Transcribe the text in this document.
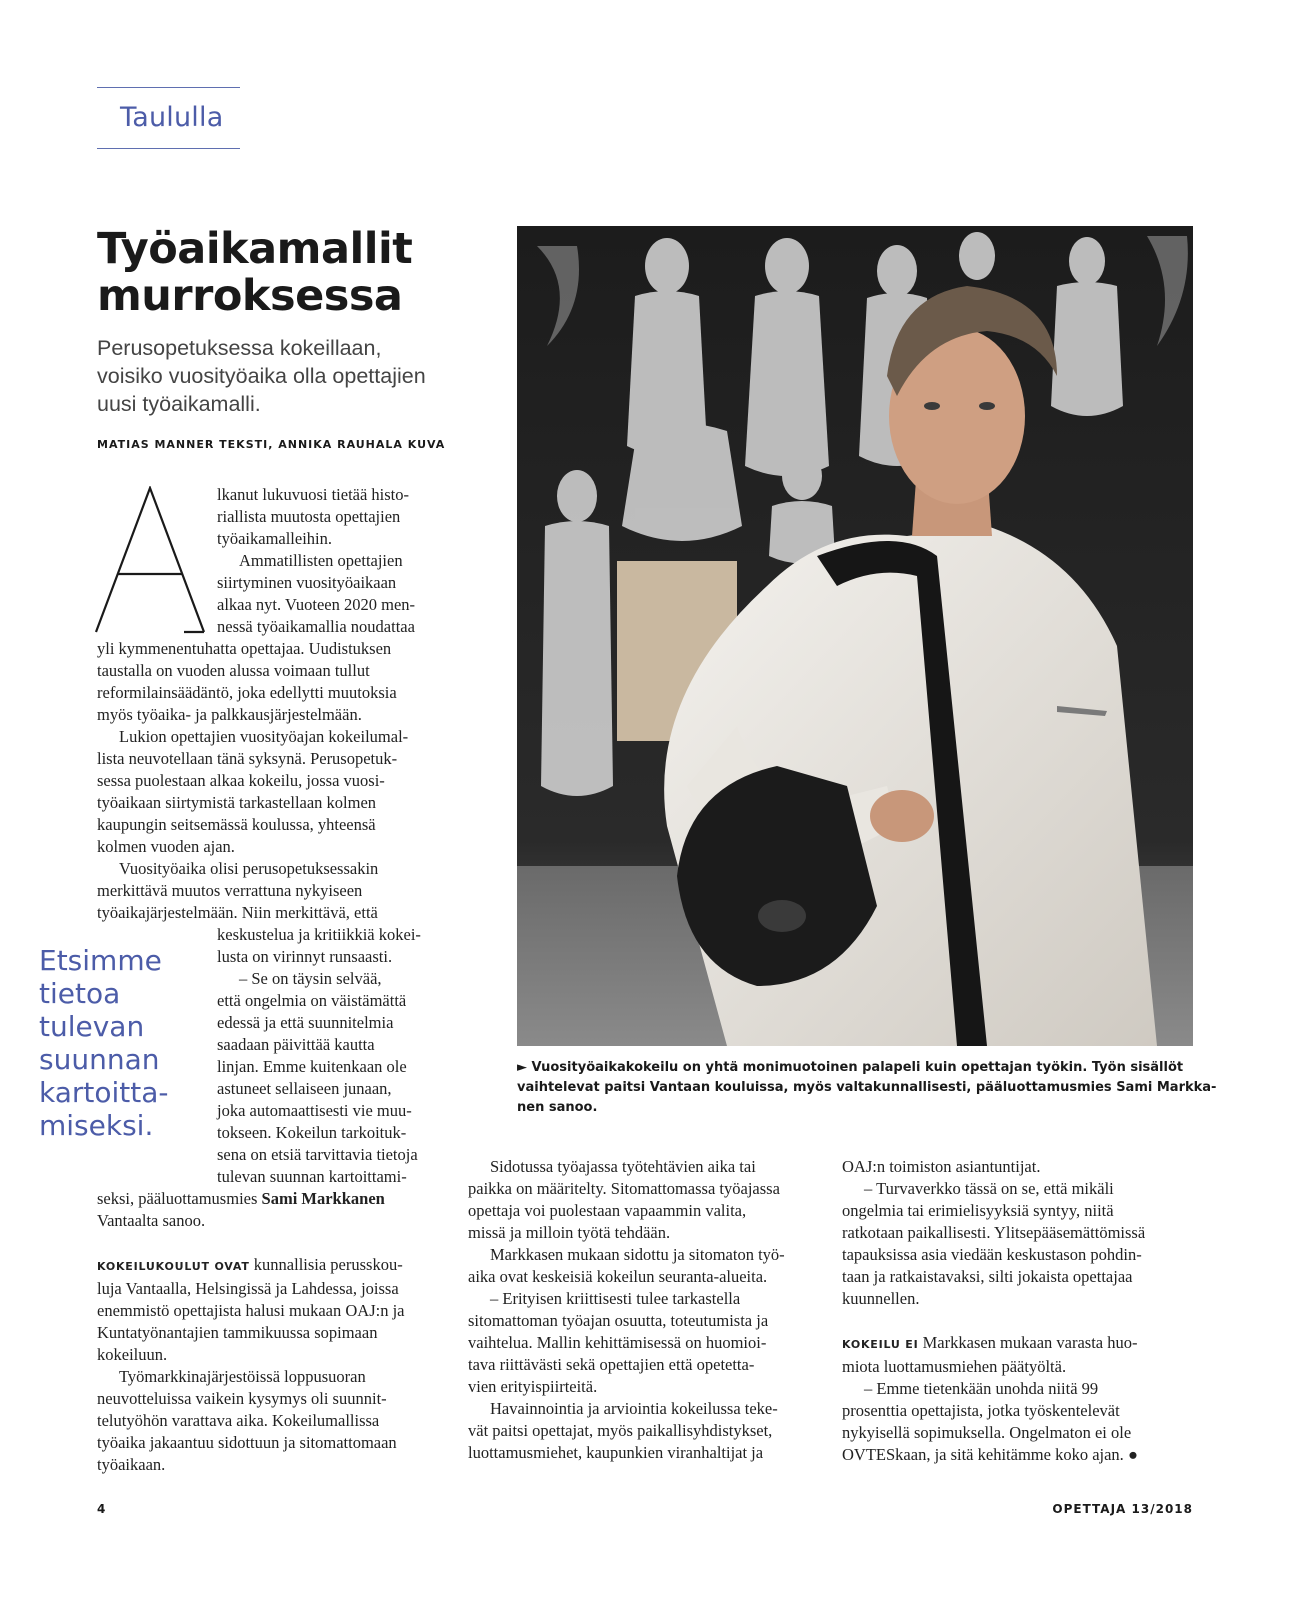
Taululla
Työaikamallit
murroksessa
Perusopetuksessa kokeillaan,
voisiko vuosityöaika olla opettajien
uusi työaikamalli.
MATIAS MANNER TEKSTI, ANNIKA RAUHALA KUVA
lkanut lukuvuosi tietää histo-
riallista muutosta opettajien
työaikamalleihin.
Ammatillisten opettajien
siirtyminen vuosityöaikaan
alkaa nyt. Vuoteen 2020 men-
nessä työaikamallia noudattaa
yli kymmenentuhatta opettajaa. Uudistuksen
taustalla on vuoden alussa voimaan tullut
reformilainsäädäntö, joka edellytti muutoksia
myös työaika- ja palkkausjärjestelmään.
Lukion opettajien vuosityöajan kokeilumal-
lista neuvotellaan tänä syksynä. Perusopetuk-
sessa puolestaan alkaa kokeilu, jossa vuosi-
työaikaan siirtymistä tarkastellaan kolmen
kaupungin seitsemässä koulussa, yhteensä
kolmen vuoden ajan.
Vuosityöaika olisi perusopetuksessakin
merkittävä muutos verrattuna nykyiseen
työaikajärjestelmään. Niin merkittävä, että
keskustelua ja kritiikkiä kokei-
lusta on virinnyt runsaasti.
– Se on täysin selvää,
että ongelmia on väistämättä
edessä ja että suunnitelmia
saadaan päivittää kautta
linjan. Emme kuitenkaan ole
astuneet sellaiseen junaan,
joka automaattisesti vie muu-
tokseen. Kokeilun tarkoituk-
sena on etsiä tarvittavia tietoja
tulevan suunnan kartoittami-
seksi, pääluottamusmies Sami Markkanen
Vantaalta sanoo.
KOKEILUKOULUT OVAT kunnallisia perusskou-
luja Vantaalla, Helsingissä ja Lahdessa, joissa
enemmistö opettajista halusi mukaan OAJ:n ja
Kuntatyönantajien tammikuussa sopimaan
kokeiluun.
Työmarkkinajärjestöissä loppusuoran
neuvotteluissa vaikein kysymys oli suunnit-
telutyöhön varattava aika. Kokeilumallissa
työaika jakaantuu sidottuun ja sitomattomaan
työaikaan.
Etsimme
tietoa
tulevan
suunnan
kartoitta-
miseksi.
► Vuosityöaikakokeilu on yhtä monimuotoinen palapeli kuin opettajan työkin. Työn sisällöt
vaihtelevat paitsi Vantaan kouluissa, myös valtakunnallisesti, pääluottamusmies Sami Markka-
nen sanoo.
Sidotussa työajassa työtehtävien aika tai
paikka on määritelty. Sitomattomassa työajassa
opettaja voi puolestaan vapaammin valita,
missä ja milloin työtä tehdään.
Markkasen mukaan sidottu ja sitomaton työ-
aika ovat keskeisiä kokeilun seuranta-alueita.
– Erityisen kriittisesti tulee tarkastella
sitomattoman työajan osuutta, toteutumista ja
vaihtelua. Mallin kehittämisessä on huomioi-
tava riittävästi sekä opettajien että opetetta-
vien erityispiirteitä.
Havainnointia ja arviointia kokeilussa teke-
vät paitsi opettajat, myös paikallisyhdistykset,
luottamusmiehet, kaupunkien viranhaltijat ja
OAJ:n toimiston asiantuntijat.
– Turvaverkko tässä on se, että mikäli
ongelmia tai erimielisyyksiä syntyy, niitä
ratkotaan paikallisesti. Ylitsepääsemättömissä
tapauksissa asia viedään keskustason pohdin-
taan ja ratkaistavaksi, silti jokaista opettajaa
kuunnellen.
KOKEILU EI Markkasen mukaan varasta huo-
miota luottamusmiehen päätyöltä.
– Emme tietenkään unohda niitä 99
prosenttia opettajista, jotka työskentelevät
nykyisellä sopimuksella. Ongelmaton ei ole
OVTESkaan, ja sitä kehitämme koko ajan. ●
4	OPETTAJA 13/2018
